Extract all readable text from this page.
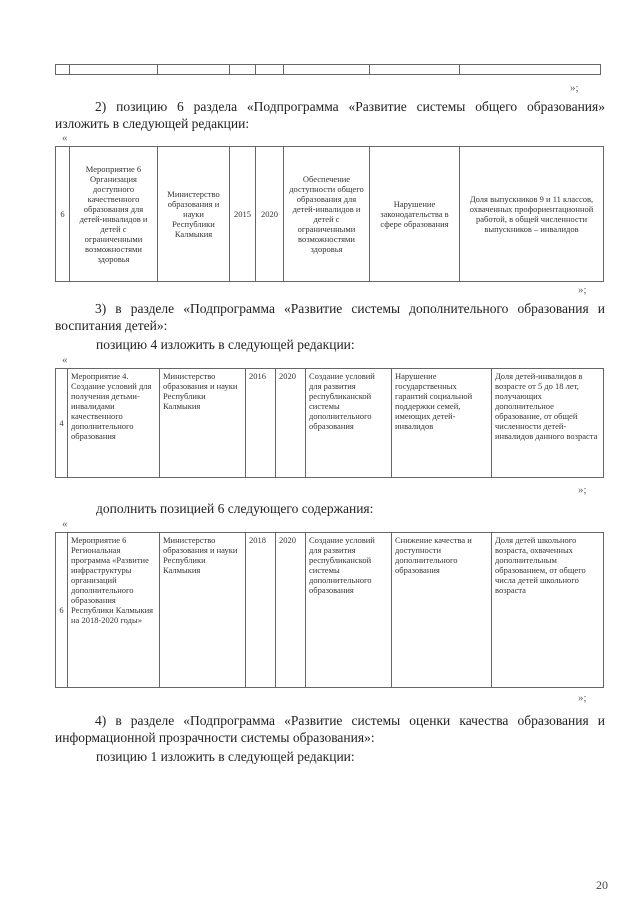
»;
2) позицию 6 раздела «Подпрограмма «Развитие системы общего образования» изложить в следующей редакции:
«
6	Мероприятие 6 Организация доступного качественного образования для детей-инвалидов и детей с ограниченными возможностями здоровья	Министерство образования и науки Республики Калмыкия	2015	2020	Обеспечение доступности общего образования для детей-инвалидов и детей с ограниченными возможностями здоровья	Нарушение законодательства в сфере образования	Доля выпускников 9 и 11 классов, охваченных профориентационной работой, в общей численности выпускников – инвалидов
»;
3) в разделе «Подпрограмма «Развитие системы дополнительного образования и воспитания детей»:
позицию 4 изложить в следующей редакции:
«
4	Мероприятие 4. Создание условий для получения детьми-инвалидами качественного дополнительного образования	Министерство образования и науки Республики Калмыкия	2016	2020	Создание условий для развития республиканской системы дополнительного образования	Нарушение государственных гарантий социальной поддержки семей, имеющих детей-инвалидов	Доля детей-инвалидов в возрасте от 5 до 18 лет, получающих дополнительное образование, от общей численности детей-инвалидов данного возраста
»;
дополнить позицией 6 следующего содержания:
«
6	Мероприятие 6 Региональная программа «Развитие инфраструктуры организаций дополнительного образования Республики Калмыкия на 2018-2020 годы»	Министерство образования и науки Республики Калмыкия	2018	2020	Создание условий для развития республиканской системы дополнительного образования	Снижение качества и доступности дополнительного образования	Доля детей школьного возраста, охваченных дополнительным образованием, от общего числа детей школьного возраста
»;
4) в разделе «Подпрограмма «Развитие системы оценки качества образования и информационной прозрачности системы образования»:
позицию 1 изложить в следующей редакции:
20
